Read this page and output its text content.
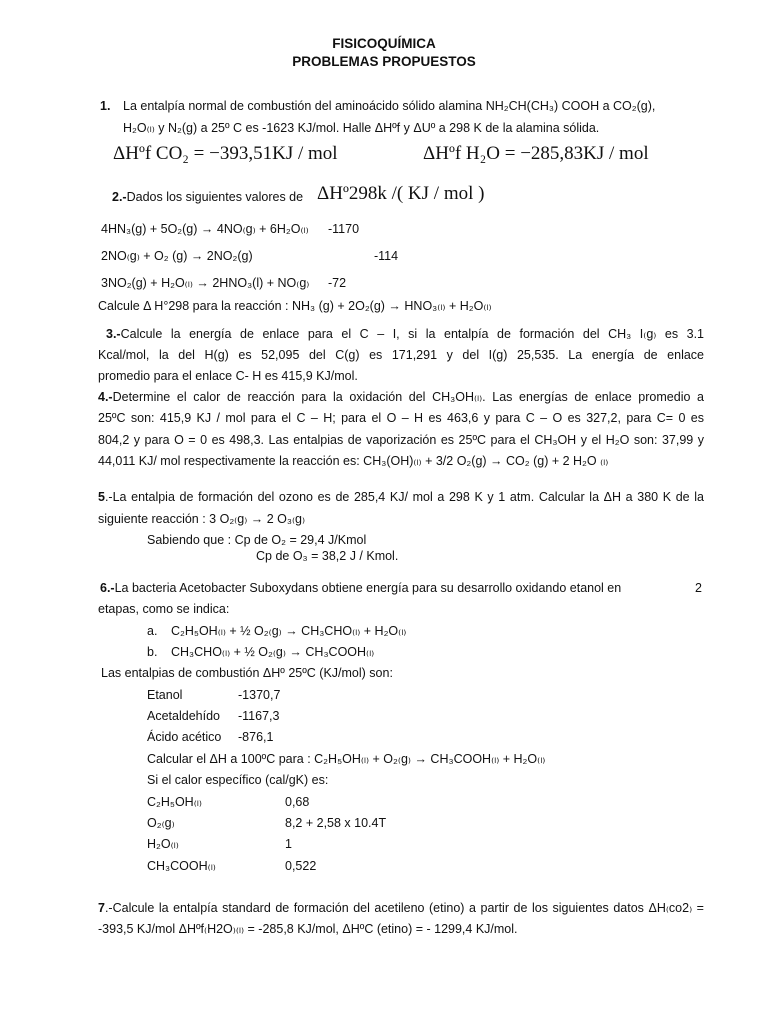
FISICOQUÍMICA
PROBLEMAS PROPUESTOS
1. La entalpía normal de combustión del aminoácido sólido alamina NH₂CH(CH₃) COOH a CO₂(g),
H₂O₍ₗ₎ y N₂(g) a 25º C es -1623 KJ/mol. Halle ΔHºf y ΔUº a 298 K de la alamina sólida.
ΔHºf CO₂ = −393,51KJ / mol	ΔHºf H₂O = −285,83KJ / mol
2.-Dados los siguientes valores de ΔHº298k /( KJ / mol )
4HN₃(g) + 5O₂(g) → 4NO₍g₎ + 6H₂O₍ₗ₎ -1170
2NO₍g₎ + O₂ (g) → 2NO₂(g)	-114
3NO₂(g) + H₂O₍ₗ₎ → 2HNO₃(l) + NO₍g₎ -72
Calcule Δ H°298 para la reacción : NH₃ (g) + 2O₂(g) → HNO₃₍ₗ₎ + H₂O₍ₗ₎
3.-Calcule la energía de enlace para el C – I, si la entalpía de formación del CH₃ I₍g₎ es 3.1
Kcal/mol, la del H(g) es 52,095 del C(g) es 171,291 y del I(g) 25,535. La energía de enlace
promedio para el enlace C- H es 415,9 KJ/mol.
4.-Determine el calor de reacción para la oxidación del CH₃OH₍ₗ₎. Las energías de enlace promedio a
25ºC son: 415,9 KJ / mol para el C – H; para el O – H es 463,6 y para C – O es 327,2, para C= 0 es
804,2 y para O = 0 es 498,3. Las entalpias de vaporización es 25ºC para el CH₃OH y el H₂O son: 37,99 y
44,011 KJ/ mol respectivamente la reacción es: CH₃(OH)₍ₗ₎ + 3/2 O₂(g) → CO₂ (g) + 2 H₂O ₍ₗ₎
5.-La entalpia de formación del ozono es de 285,4 KJ/ mol a 298 K y 1 atm. Calcular la ΔH a 380 K de la
siguiente reacción : 3 O₂₍g₎ → 2 O₃₍g₎
Sabiendo que : Cp de O₂ = 29,4 J/Kmol
Cp de O₃ = 38,2 J / Kmol.
6.-La bacteria Acetobacter Suboxydans obtiene energía para su desarrollo oxidando etanol en	2
etapas, como se indica:
a. C₂H₅OH₍ₗ₎ + ½ O₂₍g₎ → CH₃CHO₍ₗ₎ + H₂O₍ₗ₎
b. CH₃CHO₍ₗ₎ + ½ O₂₍g₎ → CH₃COOH₍ₗ₎
Las entalpias de combustión ΔHº 25ºC (KJ/mol) son:
Etanol	-1370,7
Acetaldehído -1167,3
Ácido acético -876,1
Calcular el ΔH a 100ºC para : C₂H₅OH₍ₗ₎ + O₂₍g₎ → CH₃COOH₍ₗ₎ + H₂O₍ₗ₎
Si el calor específico (cal/gK) es:
C₂H₅OH₍ₗ₎	0,68
O₂₍g₎	8,2 + 2,58 x 10.4T
H₂O₍ₗ₎	1
CH₃COOH₍ₗ₎	0,522
7.-Calcule la entalpía standard de formación del acetileno (etino) a partir de los siguientes datos ΔH₍co2₎ =
-393,5 KJ/mol ΔHºf₍H2O₎₍ₗ₎ = -285,8 KJ/mol, ΔHºC (etino) = - 1299,4 KJ/mol.
